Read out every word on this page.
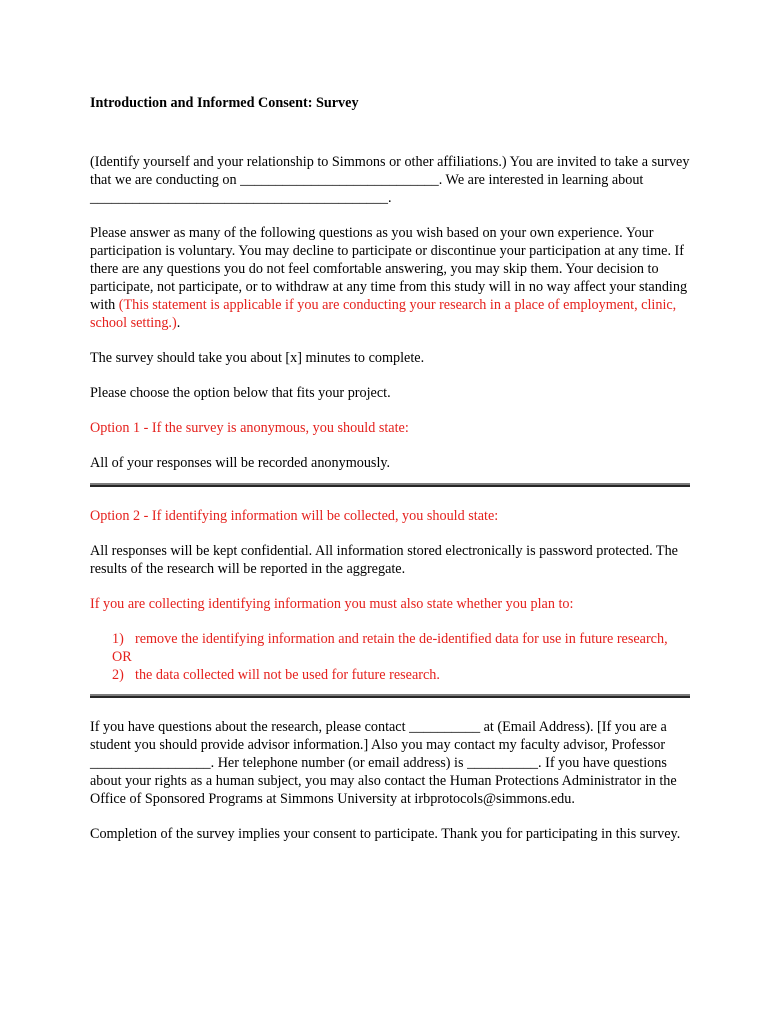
Introduction and Informed Consent: Survey

(Identify yourself and your relationship to Simmons or other affiliations.) You are invited to take a survey that we are conducting on ____________________________. We are interested in learning about __________________________________________.

Please answer as many of the following questions as you wish based on your own experience. Your participation is voluntary. You may decline to participate or discontinue your participation at any time. If there are any questions you do not feel comfortable answering, you may skip them. Your decision to participate, not participate, or to withdraw at any time from this study will in no way affect your standing with (This statement is applicable if you are conducting your research in a place of employment, clinic, school setting.).

The survey should take you about [x] minutes to complete.

Please choose the option below that fits your project.

Option 1 - If the survey is anonymous, you should state:

All of your responses will be recorded anonymously.

Option 2 - If identifying information will be collected, you should state:

All responses will be kept confidential. All information stored electronically is password protected. The results of the research will be reported in the aggregate.

If you are collecting identifying information you must also state whether you plan to:

1) remove the identifying information and retain the de-identified data for use in future research,
OR
2) the data collected will not be used for future research.

If you have questions about the research, please contact __________ at (Email Address). [If you are a student you should provide advisor information.] Also you may contact my faculty advisor, Professor _________________. Her telephone number (or email address) is __________. If you have questions about your rights as a human subject, you may also contact the Human Protections Administrator in the Office of Sponsored Programs at Simmons University at irbprotocols@simmons.edu.

Completion of the survey implies your consent to participate. Thank you for participating in this survey.
